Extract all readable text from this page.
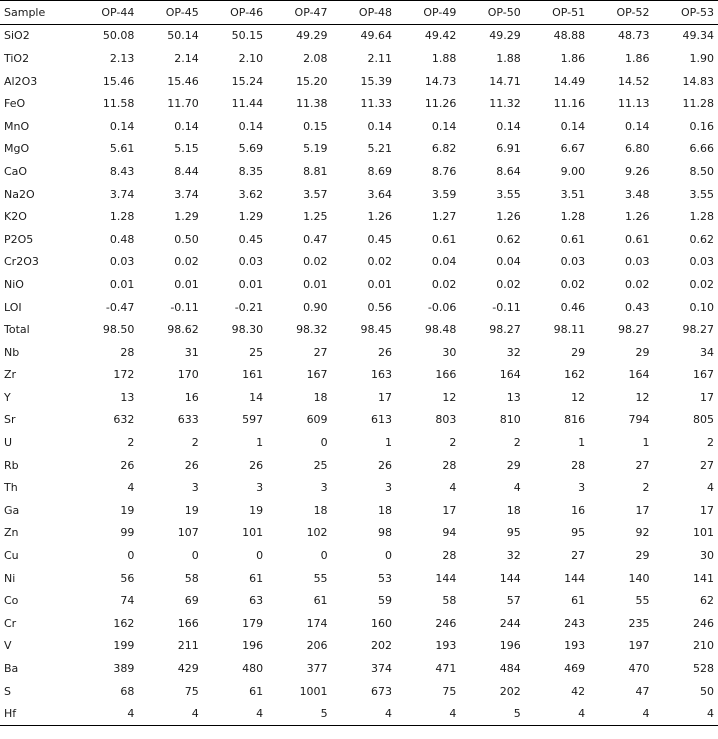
Sample	OP-44	OP-45	OP-46	OP-47	OP-48	OP-49	OP-50	OP-51	OP-52	OP-53
SiO2	50.08	50.14	50.15	49.29	49.64	49.42	49.29	48.88	48.73	49.34
TiO2	2.13	2.14	2.10	2.08	2.11	1.88	1.88	1.86	1.86	1.90
Al2O3	15.46	15.46	15.24	15.20	15.39	14.73	14.71	14.49	14.52	14.83
FeO	11.58	11.70	11.44	11.38	11.33	11.26	11.32	11.16	11.13	11.28
MnO	0.14	0.14	0.14	0.15	0.14	0.14	0.14	0.14	0.14	0.16
MgO	5.61	5.15	5.69	5.19	5.21	6.82	6.91	6.67	6.80	6.66
CaO	8.43	8.44	8.35	8.81	8.69	8.76	8.64	9.00	9.26	8.50
Na2O	3.74	3.74	3.62	3.57	3.64	3.59	3.55	3.51	3.48	3.55
K2O	1.28	1.29	1.29	1.25	1.26	1.27	1.26	1.28	1.26	1.28
P2O5	0.48	0.50	0.45	0.47	0.45	0.61	0.62	0.61	0.61	0.62
Cr2O3	0.03	0.02	0.03	0.02	0.02	0.04	0.04	0.03	0.03	0.03
NiO	0.01	0.01	0.01	0.01	0.01	0.02	0.02	0.02	0.02	0.02
LOI	-0.47	-0.11	-0.21	0.90	0.56	-0.06	-0.11	0.46	0.43	0.10
Total	98.50	98.62	98.30	98.32	98.45	98.48	98.27	98.11	98.27	98.27
Nb	28	31	25	27	26	30	32	29	29	34
Zr	172	170	161	167	163	166	164	162	164	167
Y	13	16	14	18	17	12	13	12	12	17
Sr	632	633	597	609	613	803	810	816	794	805
U	2	2	1	0	1	2	2	1	1	2
Rb	26	26	26	25	26	28	29	28	27	27
Th	4	3	3	3	3	4	4	3	2	4
Ga	19	19	19	18	18	17	18	16	17	17
Zn	99	107	101	102	98	94	95	95	92	101
Cu	0	0	0	0	0	28	32	27	29	30
Ni	56	58	61	55	53	144	144	144	140	141
Co	74	69	63	61	59	58	57	61	55	62
Cr	162	166	179	174	160	246	244	243	235	246
V	199	211	196	206	202	193	196	193	197	210
Ba	389	429	480	377	374	471	484	469	470	528
S	68	75	61	1001	673	75	202	42	47	50
Hf	4	4	4	5	4	4	5	4	4	4
